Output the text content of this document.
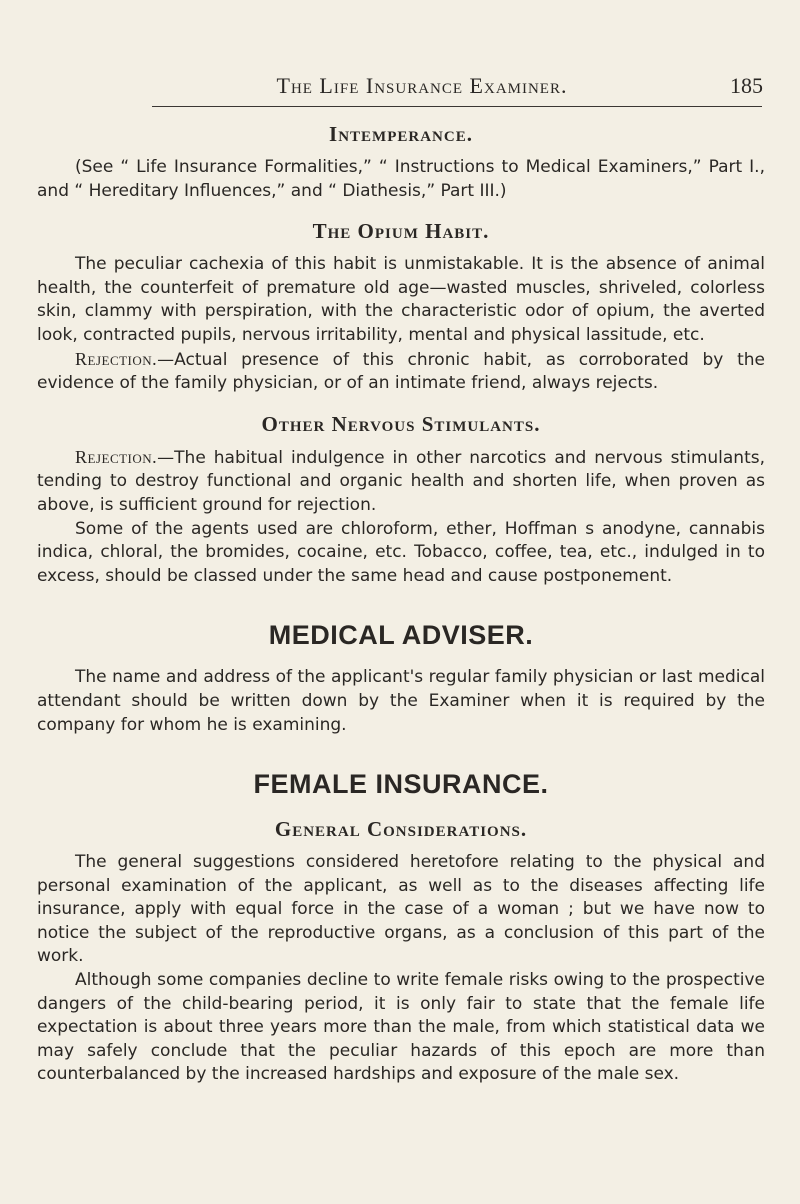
The Life Insurance Examiner.	185
Intemperance.

(See “ Life Insurance Formalities,” “ Instructions to Medical Examiners,” Part I., and “ Hereditary Influences,” and “ Diathesis,” Part III.)

The Opium Habit.

The peculiar cachexia of this habit is unmistakable. It is the absence of animal health, the counterfeit of premature old age—wasted muscles, shriveled, colorless skin, clammy with perspiration, with the characteristic odor of opium, the averted look, contracted pupils, nervous irritability, mental and physical lassitude, etc.

Rejection.—Actual presence of this chronic habit, as corroborated by the evidence of the family physician, or of an intimate friend, always rejects.

Other Nervous Stimulants.

Rejection.—The habitual indulgence in other narcotics and nervous stimulants, tending to destroy functional and organic health and shorten life, when proven as above, is sufficient ground for rejection.

Some of the agents used are chloroform, ether, Hoffman s anodyne, cannabis indica, chloral, the bromides, cocaine, etc. Tobacco, coffee, tea, etc., indulged in to excess, should be classed under the same head and cause postponement.

MEDICAL ADVISER.

The name and address of the applicant's regular family physician or last medical attendant should be written down by the Examiner when it is required by the company for whom he is examining.

FEMALE INSURANCE.
General Considerations.

The general suggestions considered heretofore relating to the physical and personal examination of the applicant, as well as to the diseases affecting life insurance, apply with equal force in the case of a woman ; but we have now to notice the subject of the reproductive organs, as a conclusion of this part of the work.

Although some companies decline to write female risks owing to the prospective dangers of the child-bearing period, it is only fair to state that the female life expectation is about three years more than the male, from which statistical data we may safely conclude that the peculiar hazards of this epoch are more than counterbalanced by the increased hardships and exposure of the male sex.
